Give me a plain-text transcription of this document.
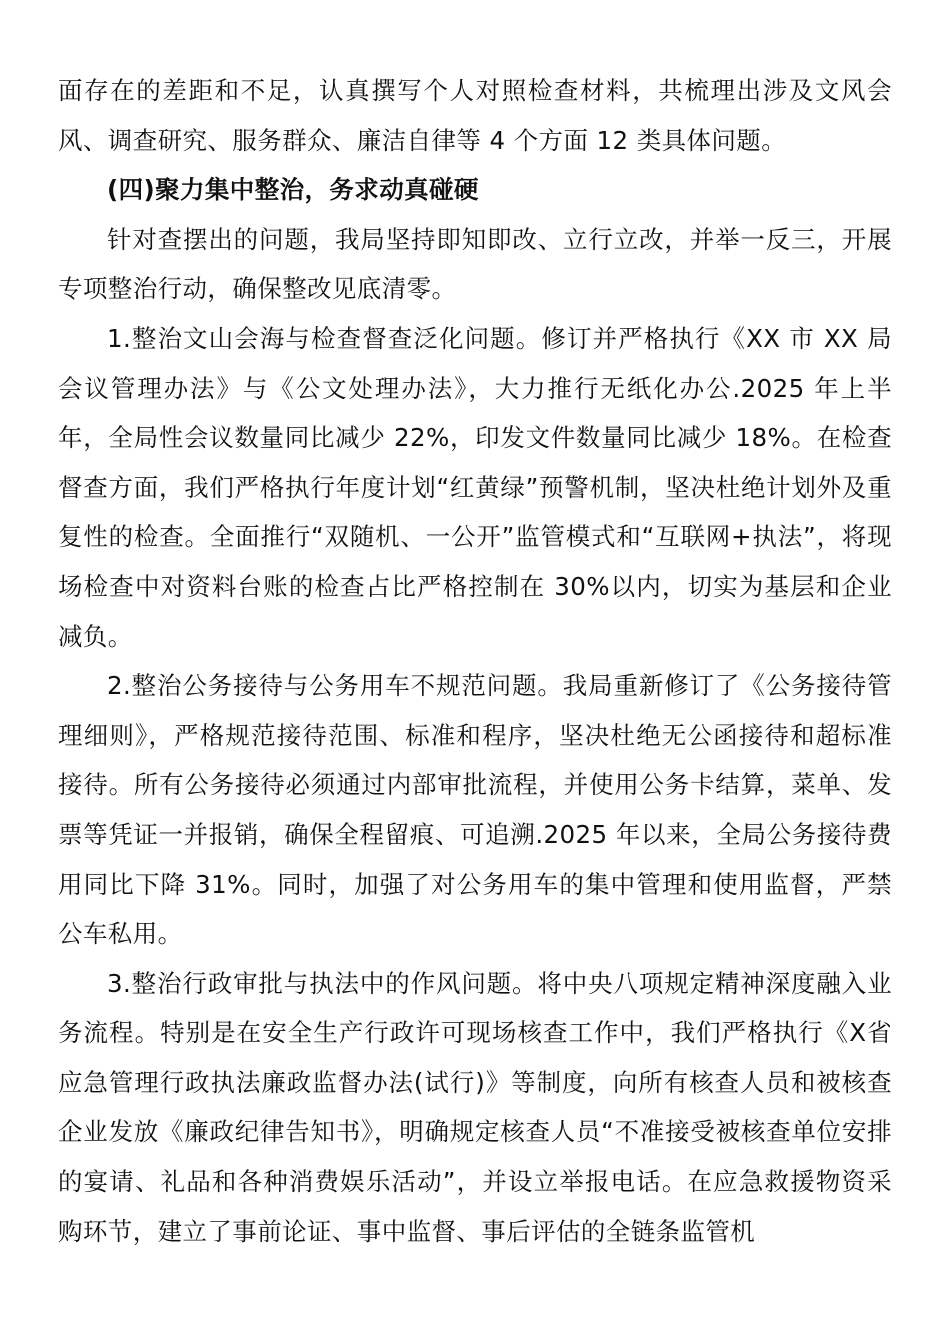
面存在的差距和不足，认真撰写个人对照检查材料，共梳理出涉及文风会风、调查研究、服务群众、廉洁自律等 4 个方面 12 类具体问题。

(四)聚力集中整治，务求动真碰硬

针对查摆出的问题，我局坚持即知即改、立行立改，并举一反三，开展专项整治行动，确保整改见底清零。

1.整治文山会海与检查督查泛化问题。修订并严格执行《XX 市 XX 局会议管理办法》与《公文处理办法》，大力推行无纸化办公.2025 年上半年，全局性会议数量同比减少 22%，印发文件数量同比减少 18%。在检查督查方面，我们严格执行年度计划“红黄绿”预警机制，坚决杜绝计划外及重复性的检查。全面推行“双随机、一公开”监管模式和“互联网+执法”，将现场检查中对资料台账的检查占比严格控制在 30%以内，切实为基层和企业减负。

2.整治公务接待与公务用车不规范问题。我局重新修订了《公务接待管理细则》，严格规范接待范围、标准和程序，坚决杜绝无公函接待和超标准接待。所有公务接待必须通过内部审批流程，并使用公务卡结算，菜单、发票等凭证一并报销，确保全程留痕、可追溯.2025 年以来，全局公务接待费用同比下降 31%。同时，加强了对公务用车的集中管理和使用监督，严禁公车私用。

3.整治行政审批与执法中的作风问题。将中央八项规定精神深度融入业务流程。特别是在安全生产行政许可现场核查工作中，我们严格执行《X省应急管理行政执法廉政监督办法(试行)》等制度，向所有核查人员和被核查企业发放《廉政纪律告知书》，明确规定核查人员“不准接受被核查单位安排的宴请、礼品和各种消费娱乐活动”，并设立举报电话。在应急救援物资采购环节，建立了事前论证、事中监督、事后评估的全链条监管机
